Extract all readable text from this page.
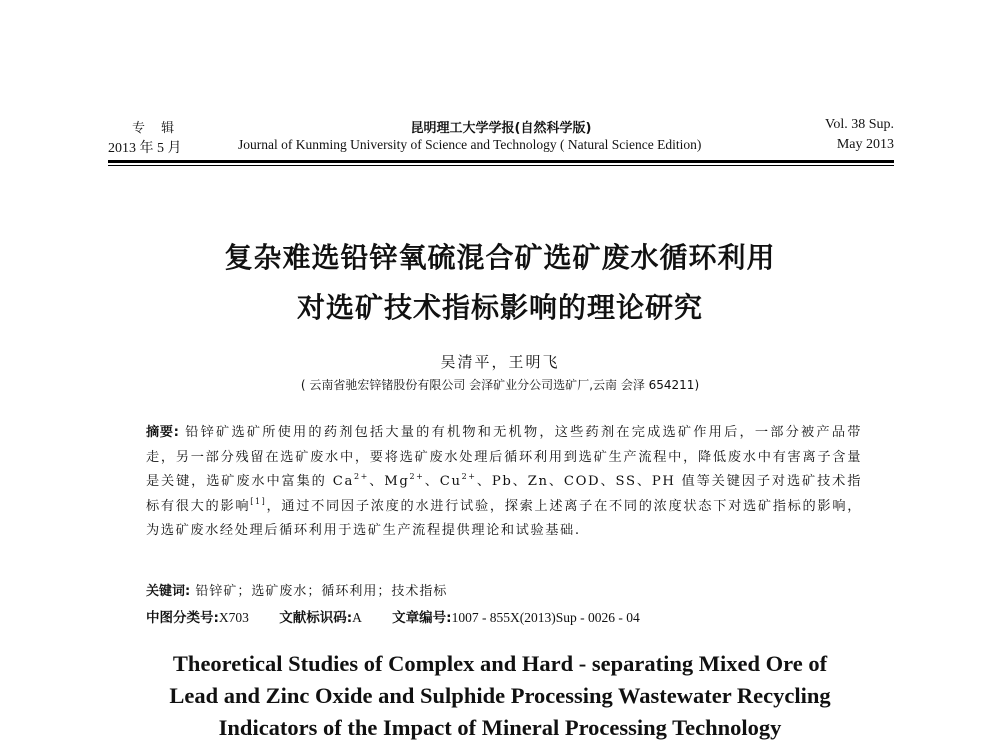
专 辑	昆明理工大学学报(自然科学版)	Vol. 38 Sup.
2013 年 5 月	Journal of Kunming University of Science and Technology ( Natural Science Edition)	May 2013
复杂难选铅锌氧硫混合矿选矿废水循环利用
对选矿技术指标影响的理论研究
吴清平，王明飞
( 云南省驰宏锌锗股份有限公司 会泽矿业分公司选矿厂,云南 会泽 654211)
摘要: 铅锌矿选矿所使用的药剂包括大量的有机物和无机物，这些药剂在完成选矿作用后，一部分被产品带走，另一部分残留在选矿废水中，要将选矿废水处理后循环利用到选矿生产流程中，降低废水中有害离子含量是关键，选矿废水中富集的 $Ca^{2+}$、$Mg^{2+}$、$Cu^{2+}$、Pb、Zn、COD、SS、PH 值等关键因子对选矿技术指标有很大的影响[1]，通过不同因子浓度的水进行试验，探索上述离子在不同的浓度状态下对选矿指标的影响，为选矿废水经处理后循环利用于选矿生产流程提供理论和试验基础.
关键词: 铅锌矿；选矿废水；循环利用；技术指标
中图分类号:X703 文献标识码:A 文章编号:1007 - 855X(2013)Sup - 0026 - 04
Theoretical Studies of Complex and Hard - separating Mixed Ore of
Lead and Zinc Oxide and Sulphide Processing Wastewater Recycling
Indicators of the Impact of Mineral Processing Technology
